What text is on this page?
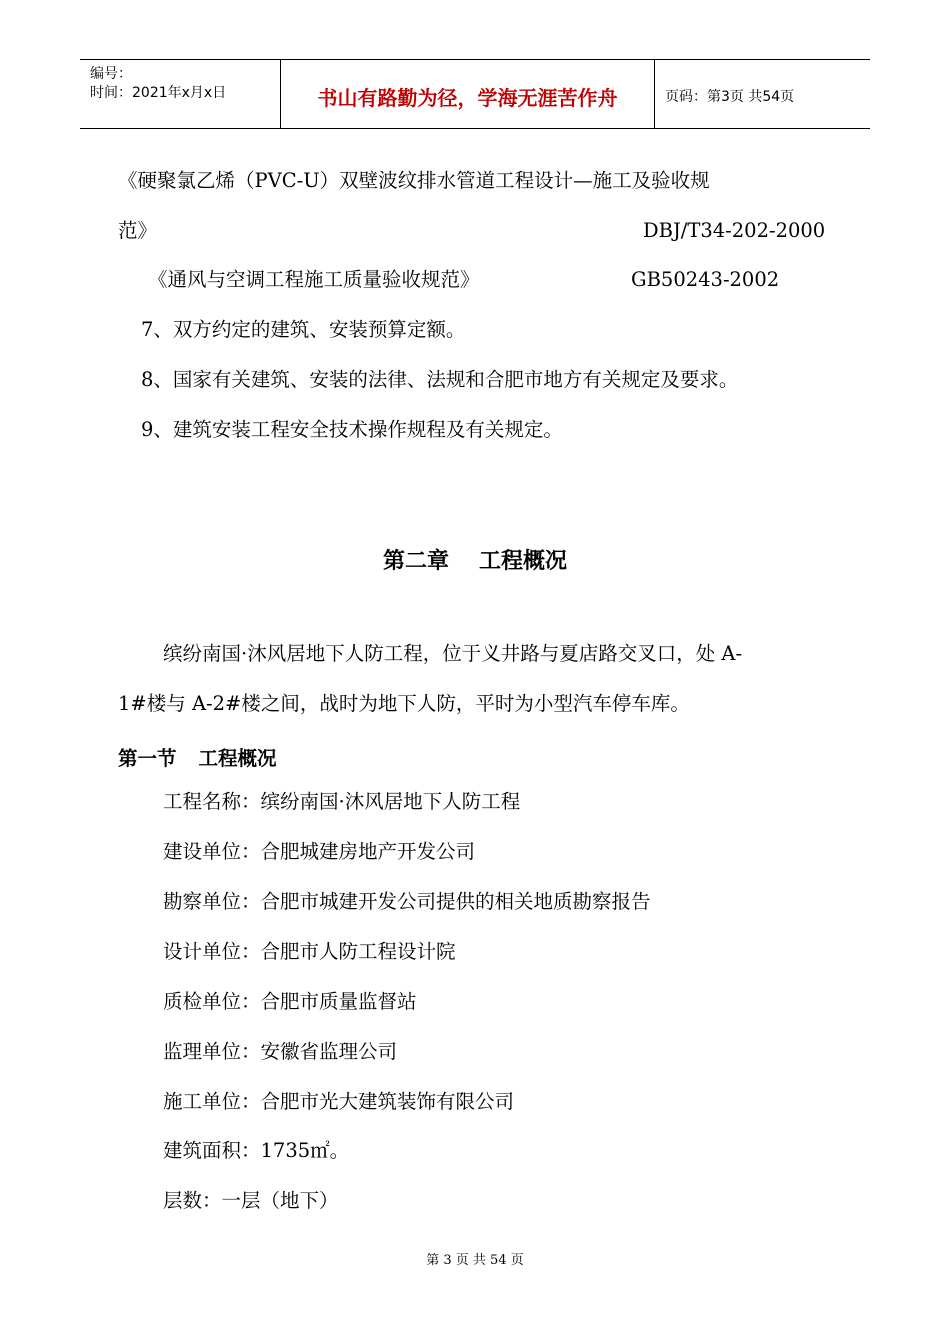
编号：
时间：2021年x月x日	书山有路勤为径，学海无涯苦作舟	页码：第3页 共54页
《硬聚氯乙烯（PVC-U）双壁波纹排水管道工程设计—施工及验收规
范》	DBJ/T34-202-2000
《通风与空调工程施工质量验收规范》	GB50243-2002
7、双方约定的建筑、安装预算定额。
8、国家有关建筑、安装的法律、法规和合肥市地方有关规定及要求。
9、建筑安装工程安全技术操作规程及有关规定。
第二章 工程概况
缤纷南国·沐风居地下人防工程，位于义井路与夏店路交叉口，处 A-
1#楼与 A-2#楼之间，战时为地下人防，平时为小型汽车停车库。
第一节 工程概况
工程名称：缤纷南国·沐风居地下人防工程
建设单位：合肥城建房地产开发公司
勘察单位：合肥市城建开发公司提供的相关地质勘察报告
设计单位：合肥市人防工程设计院
质检单位：合肥市质量监督站
监理单位：安徽省监理公司
施工单位：合肥市光大建筑装饰有限公司
建筑面积：1735㎡。
层数：一层（地下）
第 3 页 共 54 页
